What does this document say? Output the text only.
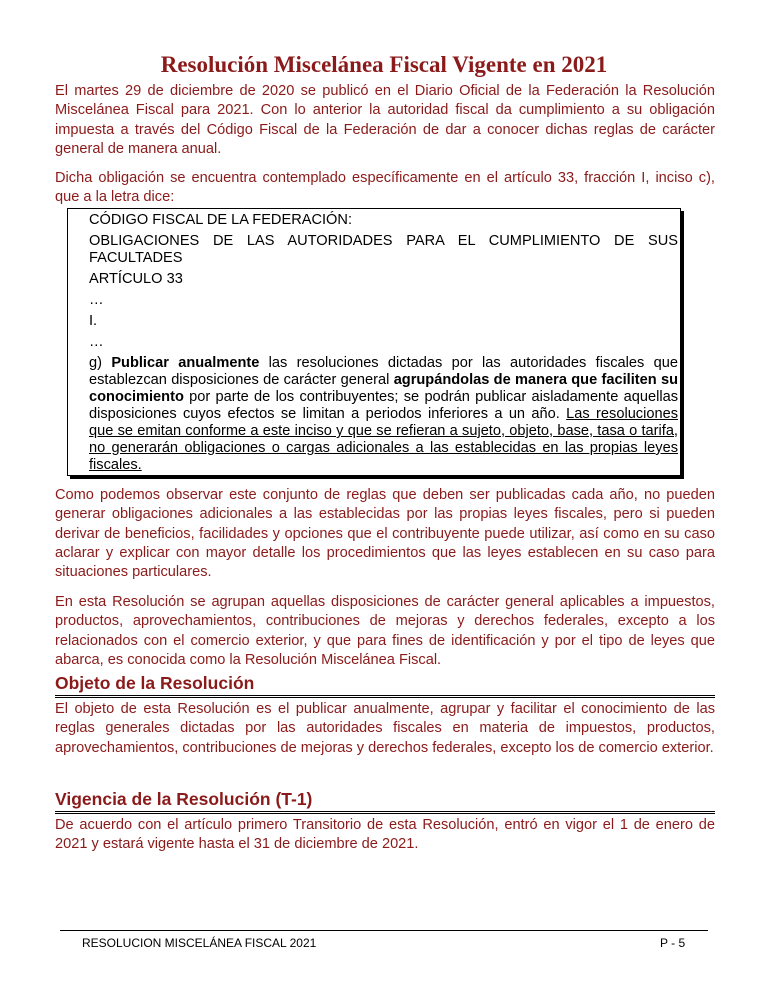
Resolución Miscelánea Fiscal Vigente en 2021

El martes 29 de diciembre de 2020 se publicó en el Diario Oficial de la Federación la Resolución Miscelánea Fiscal para 2021. Con lo anterior la autoridad fiscal da cumplimiento a su obligación impuesta a través del Código Fiscal de la Federación de dar a conocer dichas reglas de carácter general de manera anual.

Dicha obligación se encuentra contemplado específicamente en el artículo 33, fracción I, inciso c), que a la letra dice:

CÓDIGO FISCAL DE LA FEDERACIÓN:

OBLIGACIONES DE LAS AUTORIDADES PARA EL CUMPLIMIENTO DE SUS FACULTADES

ARTÍCULO 33

…

I.

…

g) Publicar anualmente las resoluciones dictadas por las autoridades fiscales que establezcan disposiciones de carácter general agrupándolas de manera que faciliten su conocimiento por parte de los contribuyentes; se podrán publicar aisladamente aquellas disposiciones cuyos efectos se limitan a periodos inferiores a un año. Las resoluciones que se emitan conforme a este inciso y que se refieran a sujeto, objeto, base, tasa o tarifa, no generarán obligaciones o cargas adicionales a las establecidas en las propias leyes fiscales.

Como podemos observar este conjunto de reglas que deben ser publicadas cada año, no pueden generar obligaciones adicionales a las establecidas por las propias leyes fiscales, pero si pueden derivar de beneficios, facilidades y opciones que el contribuyente puede utilizar, así como en su caso aclarar y explicar con mayor detalle los procedimientos que las leyes establecen en su caso para situaciones particulares.

En esta Resolución se agrupan aquellas disposiciones de carácter general aplicables a impuestos, productos, aprovechamientos, contribuciones de mejoras y derechos federales, excepto a los relacionados con el comercio exterior, y que para fines de identificación y por el tipo de leyes que abarca, es conocida como la Resolución Miscelánea Fiscal.

Objeto de la Resolución

El objeto de esta Resolución es el publicar anualmente, agrupar y facilitar el conocimiento de las reglas generales dictadas por las autoridades fiscales en materia de impuestos, productos, aprovechamientos, contribuciones de mejoras y derechos federales, excepto los de comercio exterior.

Vigencia de la Resolución (T-1)

De acuerdo con el artículo primero Transitorio de esta Resolución, entró en vigor el 1 de enero de 2021 y estará vigente hasta el 31 de diciembre de 2021.

RESOLUCION MISCELÁNEA FISCAL 2021	P - 5
